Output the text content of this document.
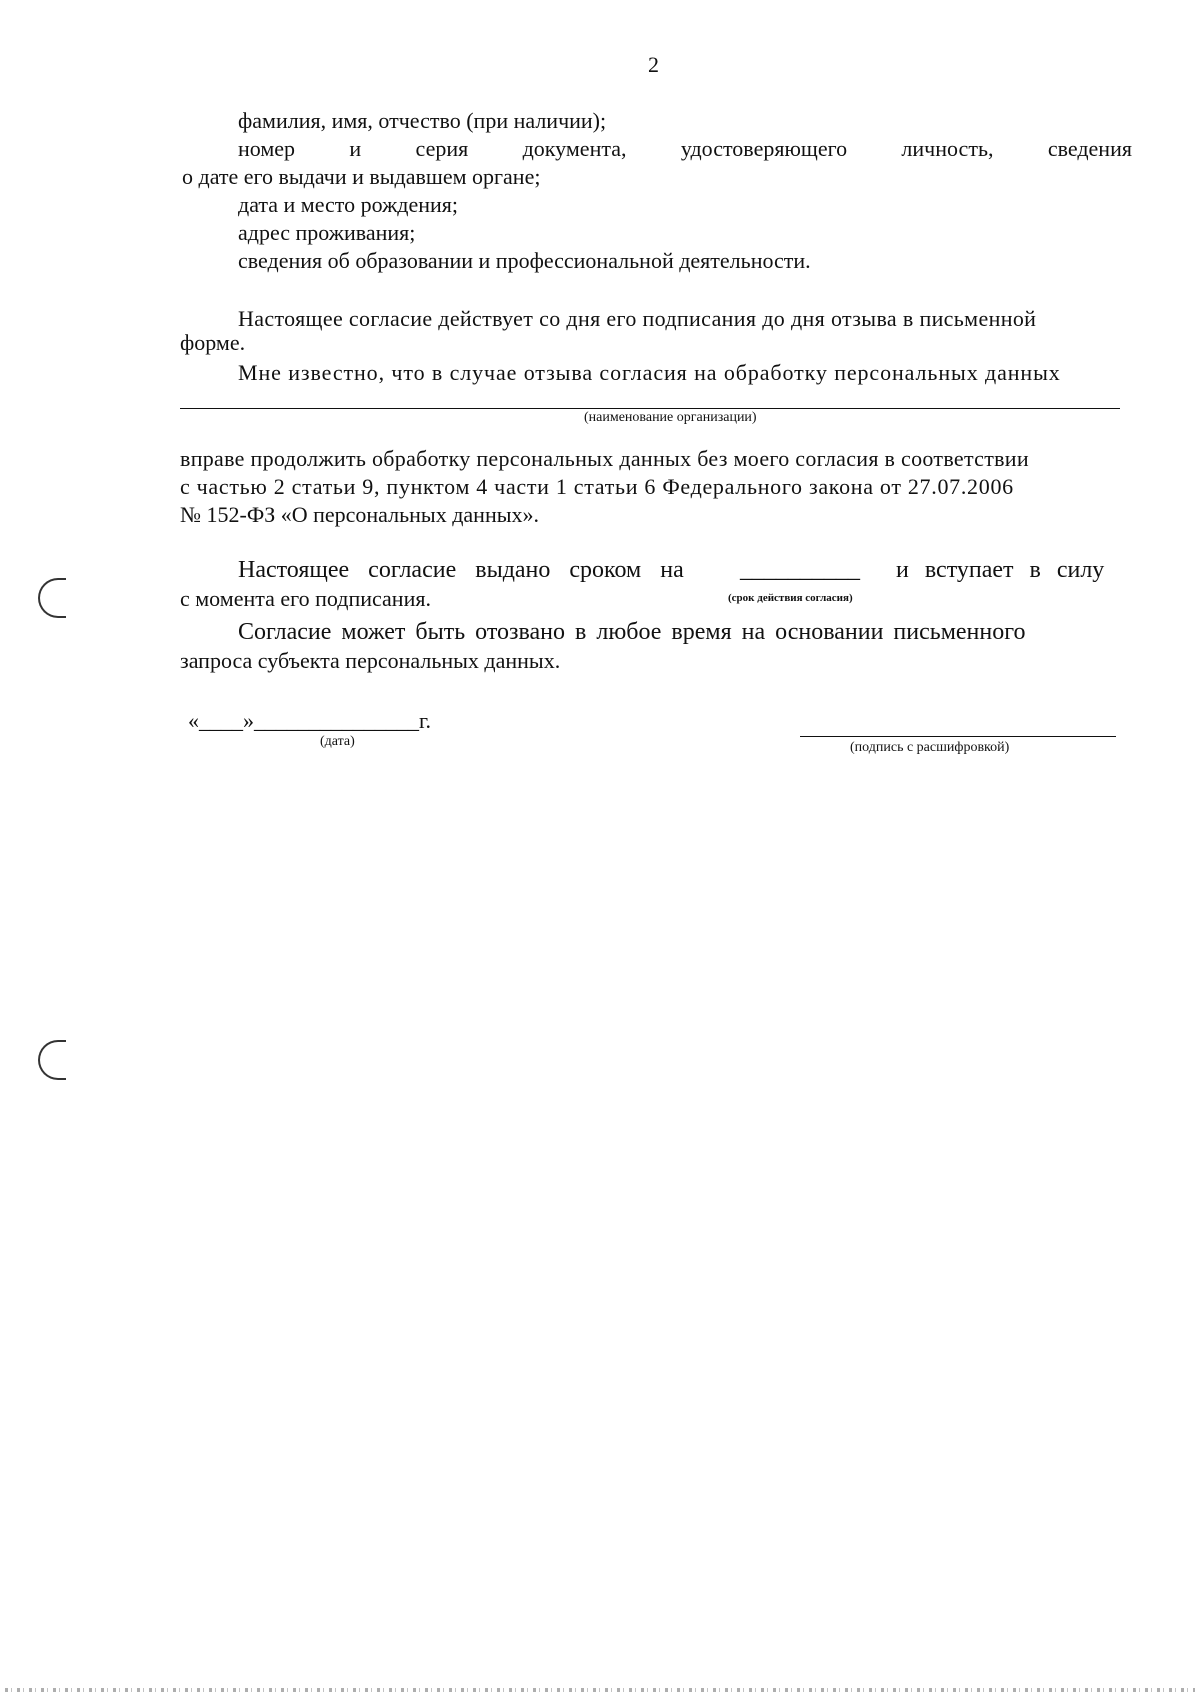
2
фамилия, имя, отчество (при наличии);
номер и серия документа, удостоверяющего личность, сведения
о дате его выдачи и выдавшем органе;
дата и место рождения;
адрес проживания;
сведения об образовании и профессиональной деятельности.
Настоящее согласие действует со дня его подписания до дня отзыва в письменной
форме.
Мне известно, что в случае отзыва согласия на обработку персональных данных
(наименование организации)
вправе продолжить обработку персональных данных без моего согласия в соответствии
с частью 2 статьи 9, пунктом 4 части 1 статьи 6 Федерального закона от 27.07.2006
№ 152-ФЗ «О персональных данных».
Настоящее согласие выдано сроком на __________ и вступает в силу
с момента его подписания.	(срок действия согласия)
Согласие может быть отозвано в любое время на основании письменного
запроса субъекта персональных данных.
«____»_______________г.
(дата)	(подпись с расшифровкой)
